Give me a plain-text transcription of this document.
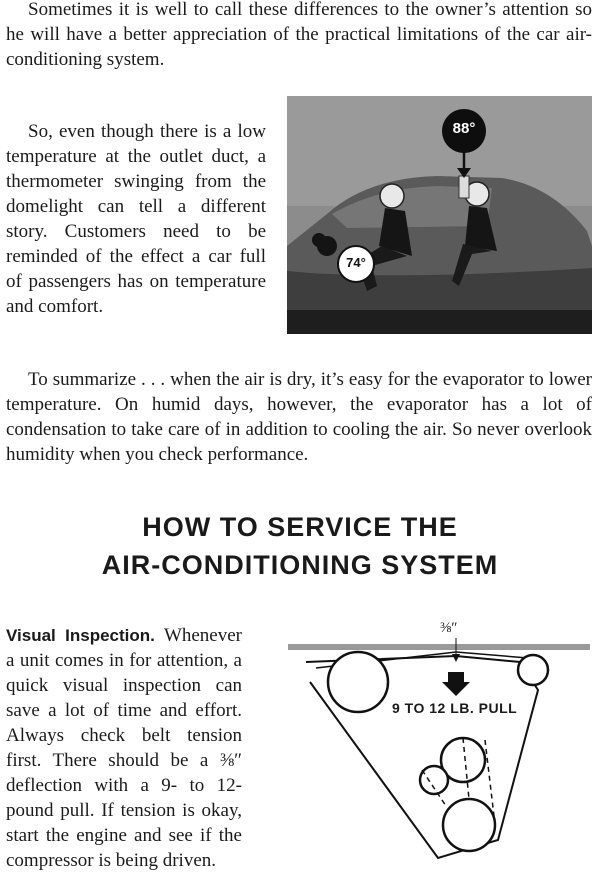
Sometimes it is well to call these differences to the owner’s attention so he will have a better appreciation of the practical limitations of the car air-conditioning system.

So, even though there is a low temperature at the outlet duct, a thermometer swinging from the domelight can tell a different story. Customers need to be reminded of the effect a car full of passengers has on temperature and comfort.

88°
74°

To summarize . . . when the air is dry, it’s easy for the evaporator to lower temperature. On humid days, however, the evaporator has a lot of condensation to take care of in addition to cooling the air. So never overlook humidity when you check performance.

HOW TO SERVICE THE
AIR-CONDITIONING SYSTEM

Visual Inspection. Whenever a unit comes in for attention, a quick visual inspection can save a lot of time and effort. Always check belt tension first. There should be a ⅜″ deflection with a 9- to 12-pound pull. If tension is okay, start the engine and see if the compressor is being driven.

⅜″
9 TO 12 LB. PULL
